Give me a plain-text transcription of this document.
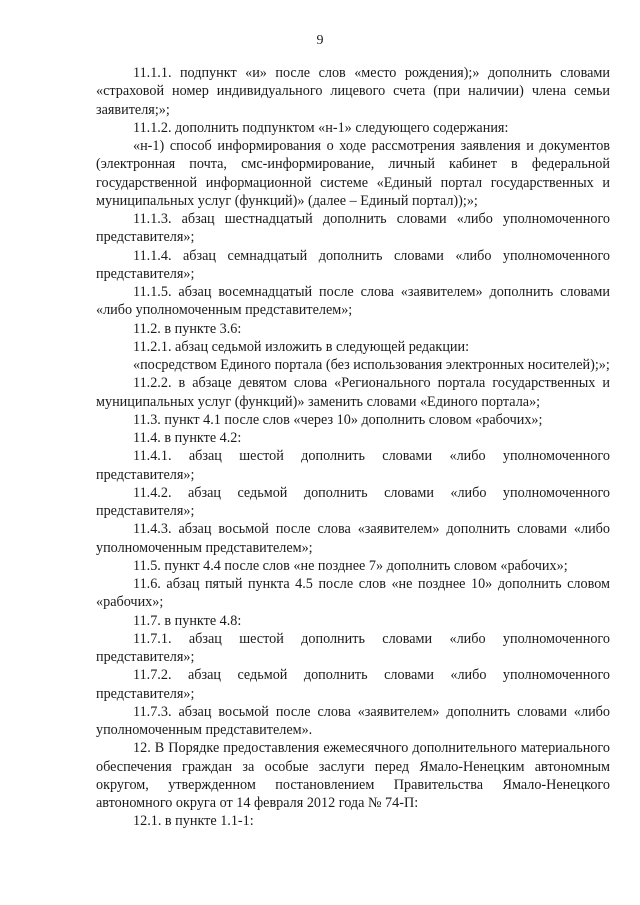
9

11.1.1. подпункт «и» после слов «место рождения);» дополнить словами «страховой номер индивидуального лицевого счета (при наличии) члена семьи заявителя;»;

11.1.2. дополнить подпунктом «н-1» следующего содержания:

«н-1) способ информирования о ходе рассмотрения заявления и документов (электронная почта, смс-информирование, личный кабинет в федеральной государственной информационной системе «Единый портал государственных и муниципальных услуг (функций)» (далее – Единый портал));»;

11.1.3. абзац шестнадцатый дополнить словами «либо уполномоченного представителя»;

11.1.4. абзац семнадцатый дополнить словами «либо уполномоченного представителя»;

11.1.5. абзац восемнадцатый после слова «заявителем» дополнить словами «либо уполномоченным представителем»;

11.2. в пункте 3.6:

11.2.1. абзац седьмой изложить в следующей редакции:

«посредством Единого портала (без использования электронных носителей);»;

11.2.2. в абзаце девятом слова «Регионального портала государственных и муниципальных услуг (функций)» заменить словами «Единого портала»;

11.3. пункт 4.1 после слов «через 10» дополнить словом «рабочих»;

11.4. в пункте 4.2:

11.4.1. абзац шестой дополнить словами «либо уполномоченного представителя»;

11.4.2. абзац седьмой дополнить словами «либо уполномоченного представителя»;

11.4.3. абзац восьмой после слова «заявителем» дополнить словами «либо уполномоченным представителем»;

11.5. пункт 4.4 после слов «не позднее 7» дополнить словом «рабочих»;

11.6. абзац пятый пункта 4.5 после слов «не позднее 10» дополнить словом «рабочих»;

11.7. в пункте 4.8:

11.7.1. абзац шестой дополнить словами «либо уполномоченного представителя»;

11.7.2. абзац седьмой дополнить словами «либо уполномоченного представителя»;

11.7.3. абзац восьмой после слова «заявителем» дополнить словами «либо уполномоченным представителем».

12. В Порядке предоставления ежемесячного дополнительного материального обеспечения граждан за особые заслуги перед Ямало-Ненецким автономным округом, утвержденном постановлением Правительства Ямало-Ненецкого автономного округа от 14 февраля 2012 года № 74-П:

12.1. в пункте 1.1-1:
